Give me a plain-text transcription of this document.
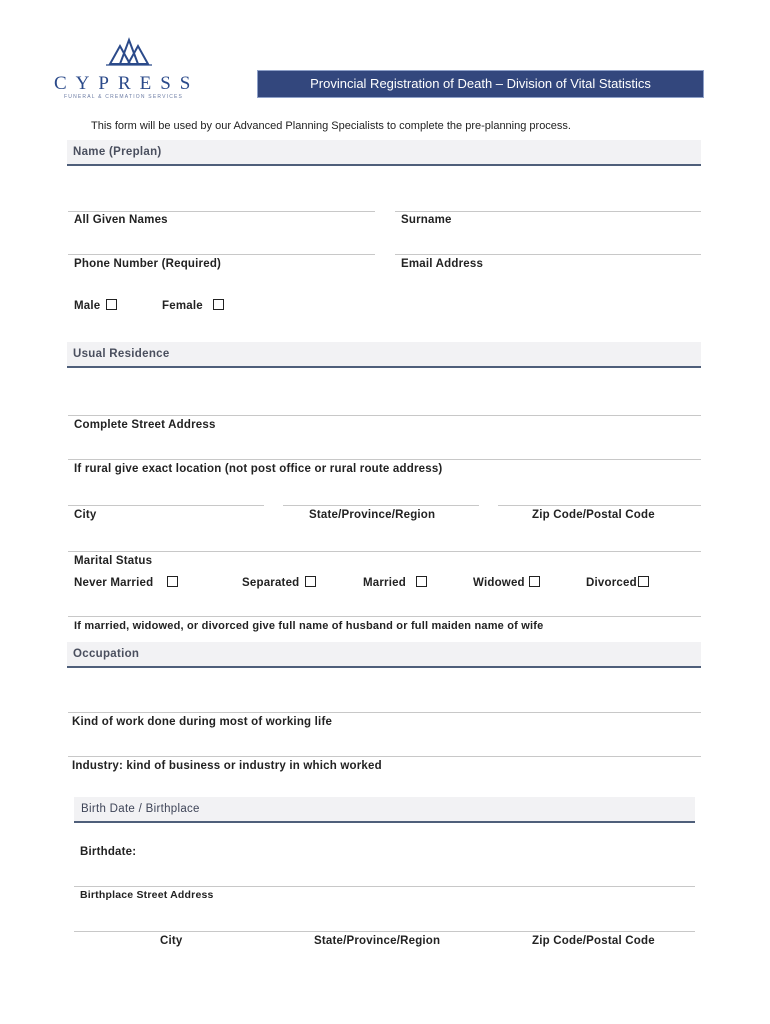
CYPRESS
FUNERAL & CREMATION SERVICES
Provincial Registration of Death – Division of Vital Statistics
This form will be used by our Advanced Planning Specialists to complete the pre-planning process.
Name (Preplan)
All Given Names	Surname
Phone Number (Required)	Email Address
Male	Female
Usual Residence
Complete Street Address
If rural give exact location (not post office or rural route address)
City	State/Province/Region	Zip Code/Postal Code
Marital Status
Never Married	Separated	Married	Widowed	Divorced
If married, widowed, or divorced give full name of husband or full maiden name of wife
Occupation
Kind of work done during most of working life
Industry: kind of business or industry in which worked
Birth Date / Birthplace
Birthdate:
Birthplace Street Address
City	State/Province/Region	Zip Code/Postal Code
